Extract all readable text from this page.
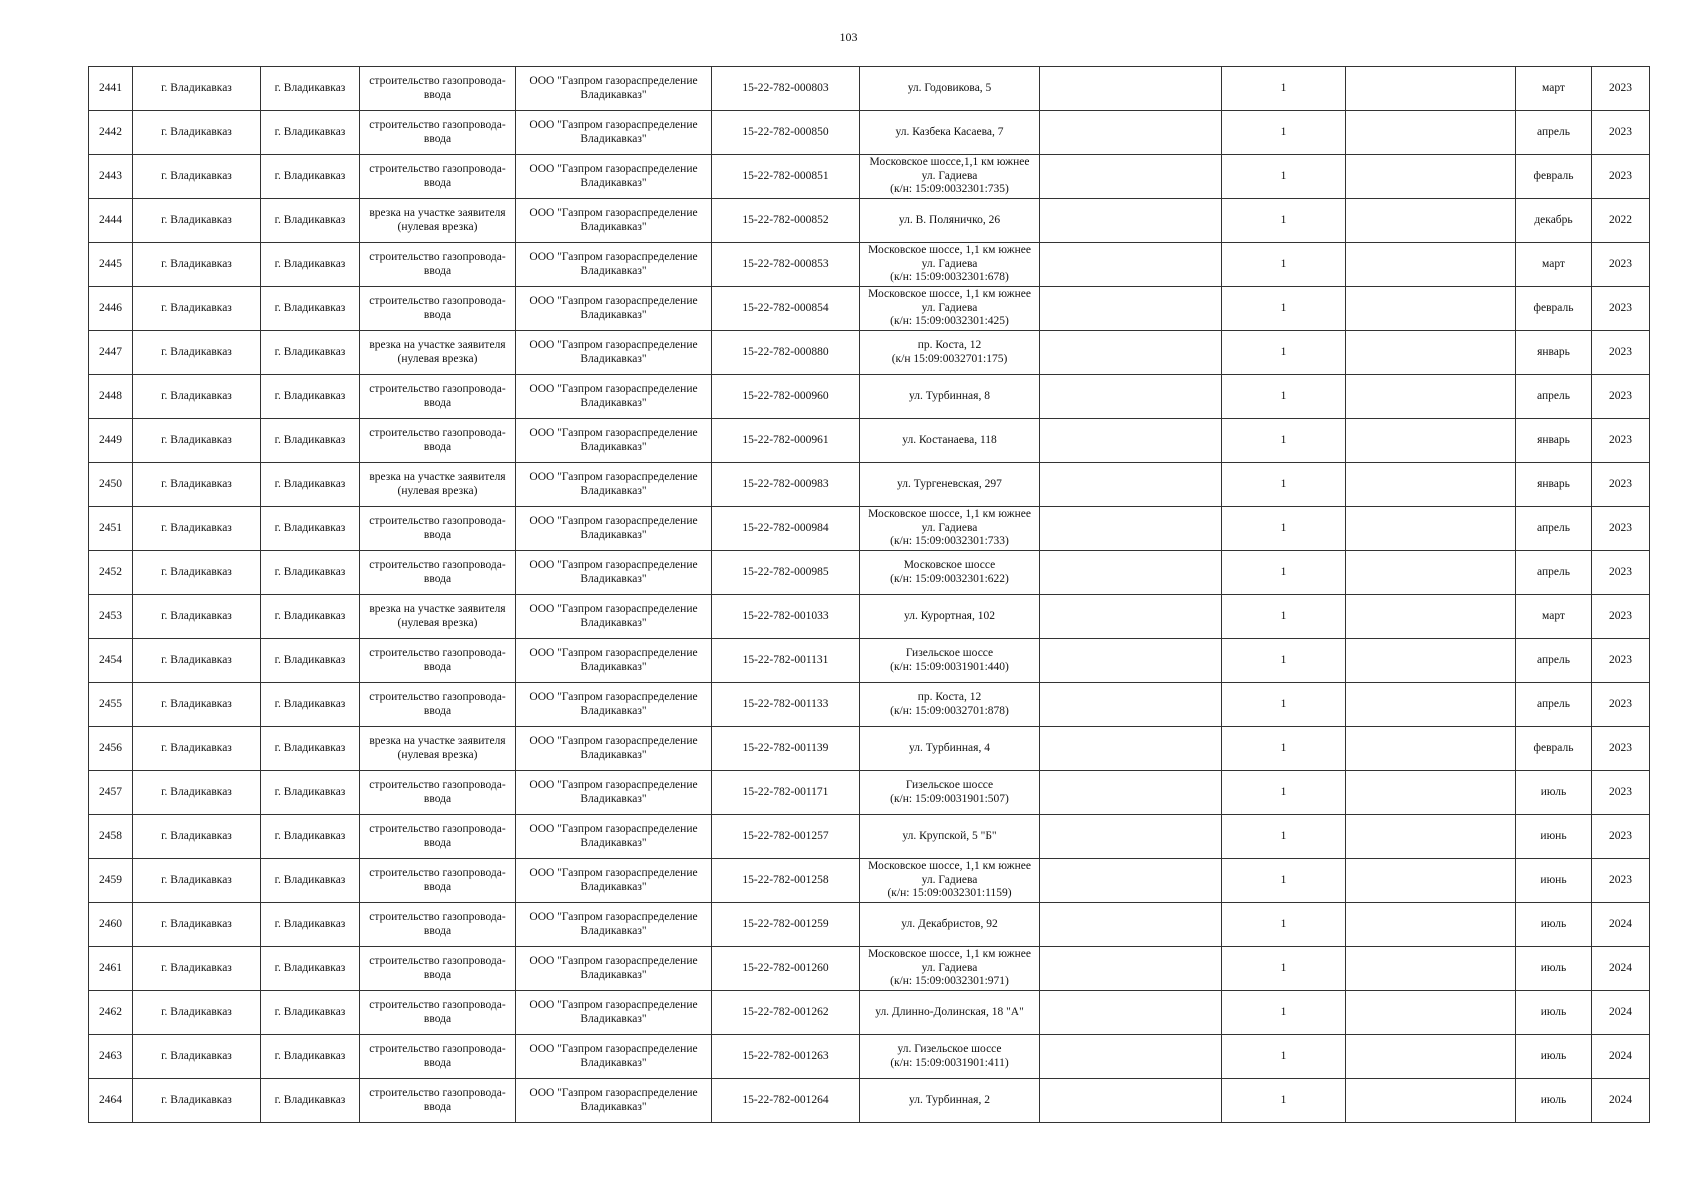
103
2441	г. Владикавказ	г. Владикавказ	строительство газопровода-
ввода	ООО "Газпром газораспределение
Владикавказ"	15-22-782-000803	ул. Годовикова, 5		1		март	2023
2442	г. Владикавказ	г. Владикавказ	строительство газопровода-
ввода	ООО "Газпром газораспределение
Владикавказ"	15-22-782-000850	ул. Казбека Касаева, 7		1		апрель	2023
2443	г. Владикавказ	г. Владикавказ	строительство газопровода-
ввода	ООО "Газпром газораспределение
Владикавказ"	15-22-782-000851	Московское шоссе,1,1 км южнее
ул. Гадиева
(к/н: 15:09:0032301:735)		1		февраль	2023
2444	г. Владикавказ	г. Владикавказ	врезка на участке заявителя
(нулевая врезка)	ООО "Газпром газораспределение
Владикавказ"	15-22-782-000852	ул. В. Поляничко, 26		1		декабрь	2022
2445	г. Владикавказ	г. Владикавказ	строительство газопровода-
ввода	ООО "Газпром газораспределение
Владикавказ"	15-22-782-000853	Московское шоссе, 1,1 км южнее
ул. Гадиева
(к/н: 15:09:0032301:678)		1		март	2023
2446	г. Владикавказ	г. Владикавказ	строительство газопровода-
ввода	ООО "Газпром газораспределение
Владикавказ"	15-22-782-000854	Московское шоссе, 1,1 км южнее
ул. Гадиева
(к/н: 15:09:0032301:425)		1		февраль	2023
2447	г. Владикавказ	г. Владикавказ	врезка на участке заявителя
(нулевая врезка)	ООО "Газпром газораспределение
Владикавказ"	15-22-782-000880	пр. Коста, 12
(к/н 15:09:0032701:175)		1		январь	2023
2448	г. Владикавказ	г. Владикавказ	строительство газопровода-
ввода	ООО "Газпром газораспределение
Владикавказ"	15-22-782-000960	ул. Турбинная, 8		1		апрель	2023
2449	г. Владикавказ	г. Владикавказ	строительство газопровода-
ввода	ООО "Газпром газораспределение
Владикавказ"	15-22-782-000961	ул. Костанаева, 118		1		январь	2023
2450	г. Владикавказ	г. Владикавказ	врезка на участке заявителя
(нулевая врезка)	ООО "Газпром газораспределение
Владикавказ"	15-22-782-000983	ул. Тургеневская, 297		1		январь	2023
2451	г. Владикавказ	г. Владикавказ	строительство газопровода-
ввода	ООО "Газпром газораспределение
Владикавказ"	15-22-782-000984	Московское шоссе, 1,1 км южнее
ул. Гадиева
(к/н: 15:09:0032301:733)		1		апрель	2023
2452	г. Владикавказ	г. Владикавказ	строительство газопровода-
ввода	ООО "Газпром газораспределение
Владикавказ"	15-22-782-000985	Московское шоссе
(к/н: 15:09:0032301:622)		1		апрель	2023
2453	г. Владикавказ	г. Владикавказ	врезка на участке заявителя
(нулевая врезка)	ООО "Газпром газораспределение
Владикавказ"	15-22-782-001033	ул. Курортная, 102		1		март	2023
2454	г. Владикавказ	г. Владикавказ	строительство газопровода-
ввода	ООО "Газпром газораспределение
Владикавказ"	15-22-782-001131	Гизельское шоссе
(к/н: 15:09:0031901:440)		1		апрель	2023
2455	г. Владикавказ	г. Владикавказ	строительство газопровода-
ввода	ООО "Газпром газораспределение
Владикавказ"	15-22-782-001133	пр. Коста, 12
(к/н: 15:09:0032701:878)		1		апрель	2023
2456	г. Владикавказ	г. Владикавказ	врезка на участке заявителя
(нулевая врезка)	ООО "Газпром газораспределение
Владикавказ"	15-22-782-001139	ул. Турбинная, 4		1		февраль	2023
2457	г. Владикавказ	г. Владикавказ	строительство газопровода-
ввода	ООО "Газпром газораспределение
Владикавказ"	15-22-782-001171	Гизельское шоссе
(к/н: 15:09:0031901:507)		1		июль	2023
2458	г. Владикавказ	г. Владикавказ	строительство газопровода-
ввода	ООО "Газпром газораспределение
Владикавказ"	15-22-782-001257	ул. Крупской, 5 "Б"		1		июнь	2023
2459	г. Владикавказ	г. Владикавказ	строительство газопровода-
ввода	ООО "Газпром газораспределение
Владикавказ"	15-22-782-001258	Московское шоссе, 1,1 км южнее
ул. Гадиева
(к/н: 15:09:0032301:1159)		1		июнь	2023
2460	г. Владикавказ	г. Владикавказ	строительство газопровода-
ввода	ООО "Газпром газораспределение
Владикавказ"	15-22-782-001259	ул. Декабристов, 92		1		июль	2024
2461	г. Владикавказ	г. Владикавказ	строительство газопровода-
ввода	ООО "Газпром газораспределение
Владикавказ"	15-22-782-001260	Московское шоссе, 1,1 км южнее
ул. Гадиева
(к/н: 15:09:0032301:971)		1		июль	2024
2462	г. Владикавказ	г. Владикавказ	строительство газопровода-
ввода	ООО "Газпром газораспределение
Владикавказ"	15-22-782-001262	ул. Длинно-Долинская, 18 "А"		1		июль	2024
2463	г. Владикавказ	г. Владикавказ	строительство газопровода-
ввода	ООО "Газпром газораспределение
Владикавказ"	15-22-782-001263	ул. Гизельское шоссе
(к/н: 15:09:0031901:411)		1		июль	2024
2464	г. Владикавказ	г. Владикавказ	строительство газопровода-
ввода	ООО "Газпром газораспределение
Владикавказ"	15-22-782-001264	ул. Турбинная, 2		1		июль	2024
